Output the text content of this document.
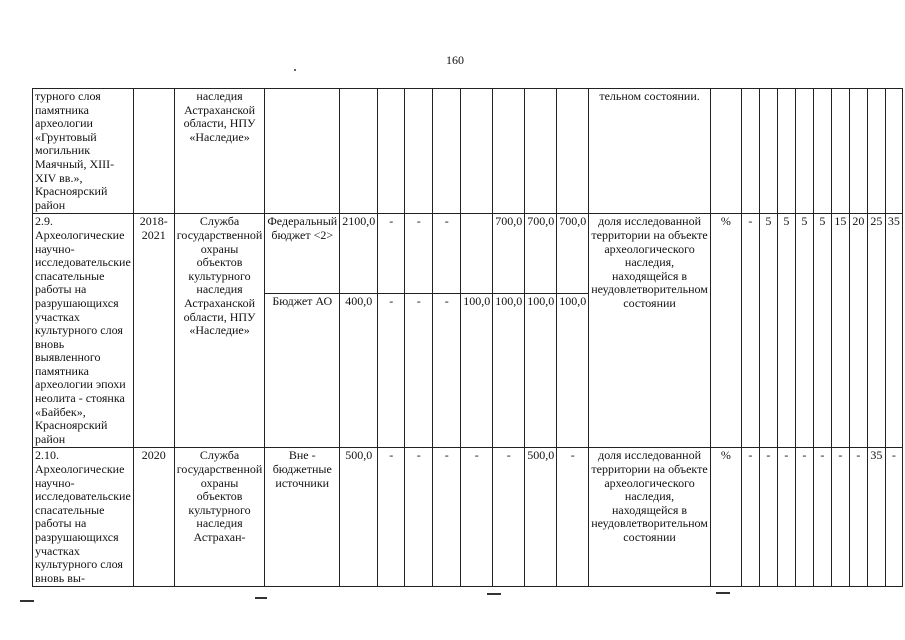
160
турного слоя памятника археологии «Грунтовый могильник Маячный, XIII-XIV вв.», Красноярский район		наследия Астраханской области, НПУ «Наследие»										тельном состоянии.										
2.9. Археологические научно-исследовательские спасательные работы на разрушающихся участках культурного слоя вновь выявленного памятника археологии эпохи неолита - стоянка «Байбек», Красноярский район	2018-2021	Служба государственной охраны объектов культурного наследия Астраханской области, НПУ «Наследие»	Федеральный бюджет <2>	2100,0	-	-	-		700,0	700,0	700,0	доля исследованной территории на объекте археологического наследия, находящейся в неудовлетворительном состоянии	%	-	5	5	5	5	15	20	25	35
			Бюджет АО	400,0	-	-	-	100,0	100,0	100,0	100,0											
2.10. Археологические научно-исследовательские спасательные работы на разрушающихся участках культурного слоя вновь вы-	2020	Служба государственной охраны объектов культурного наследия Астрахан-	Вне - бюджетные источники	500,0	-	-	-	-	-	500,0	-	доля исследованной территории на объекте археологического наследия, находящейся в неудовлетворительном состоянии	%	-	-	-	-	-	-	-	35	-
